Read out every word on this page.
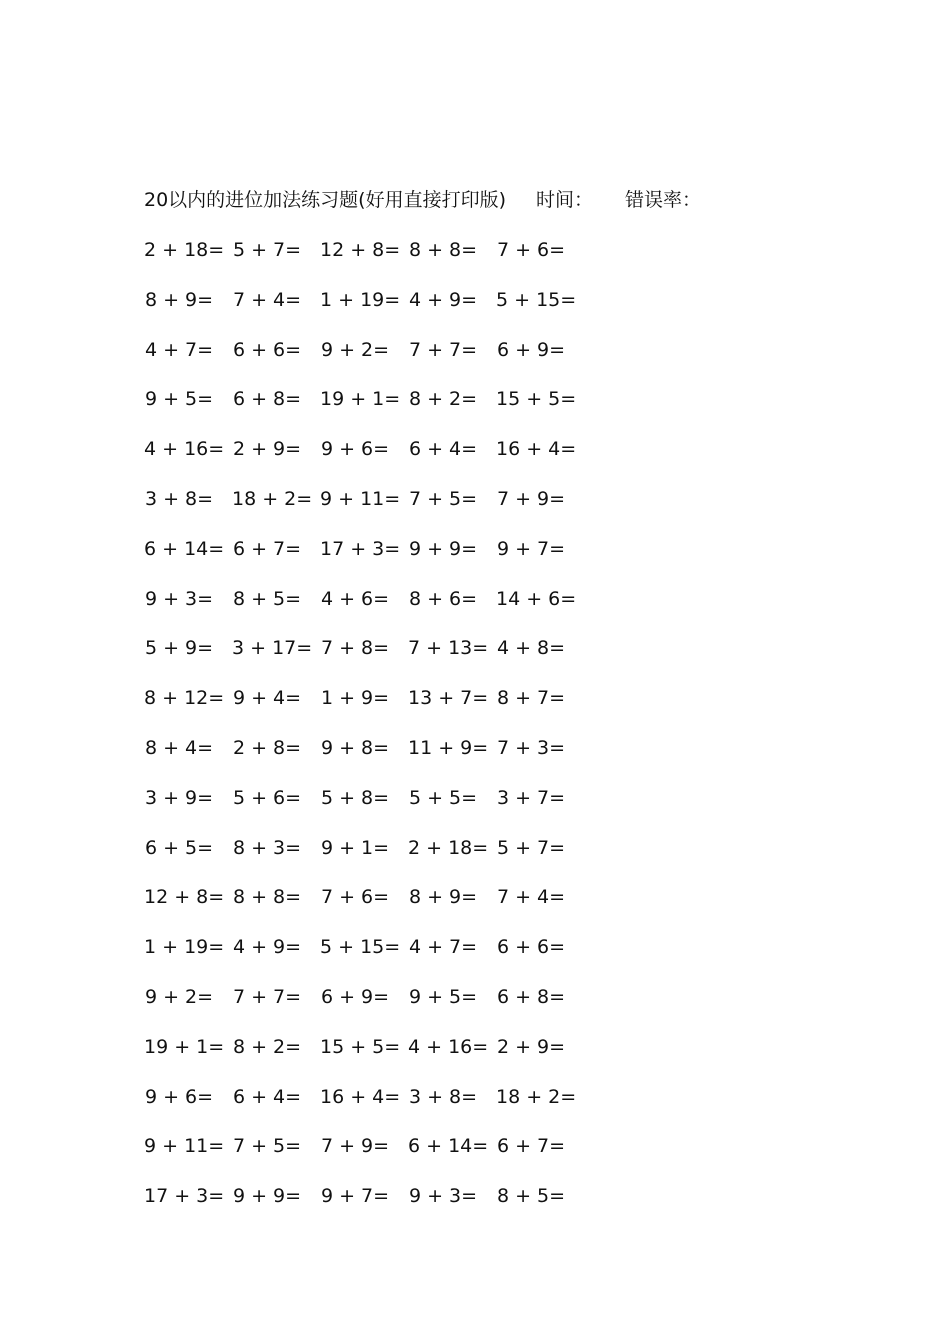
20以内的进位加法练习题(好用直接打印版) 时间： 错误率：
2 + 18= 5 + 7= 12 + 8= 8 + 8= 7 + 6=
8 + 9= 7 + 4= 1 + 19= 4 + 9= 5 + 15=
4 + 7= 6 + 6= 9 + 2= 7 + 7= 6 + 9=
9 + 5= 6 + 8= 19 + 1= 8 + 2= 15 + 5=
4 + 16= 2 + 9= 9 + 6= 6 + 4= 16 + 4=
3 + 8= 18 + 2= 9 + 11= 7 + 5= 7 + 9=
6 + 14= 6 + 7= 17 + 3= 9 + 9= 9 + 7=
9 + 3= 8 + 5= 4 + 6= 8 + 6= 14 + 6=
5 + 9= 3 + 17= 7 + 8= 7 + 13= 4 + 8=
8 + 12= 9 + 4= 1 + 9= 13 + 7= 8 + 7=
8 + 4= 2 + 8= 9 + 8= 11 + 9= 7 + 3=
3 + 9= 5 + 6= 5 + 8= 5 + 5= 3 + 7=
6 + 5= 8 + 3= 9 + 1= 2 + 18= 5 + 7=
12 + 8= 8 + 8= 7 + 6= 8 + 9= 7 + 4=
1 + 19= 4 + 9= 5 + 15= 4 + 7= 6 + 6=
9 + 2= 7 + 7= 6 + 9= 9 + 5= 6 + 8=
19 + 1= 8 + 2= 15 + 5= 4 + 16= 2 + 9=
9 + 6= 6 + 4= 16 + 4= 3 + 8= 18 + 2=
9 + 11= 7 + 5= 7 + 9= 6 + 14= 6 + 7=
17 + 3= 9 + 9= 9 + 7= 9 + 3= 8 + 5=
